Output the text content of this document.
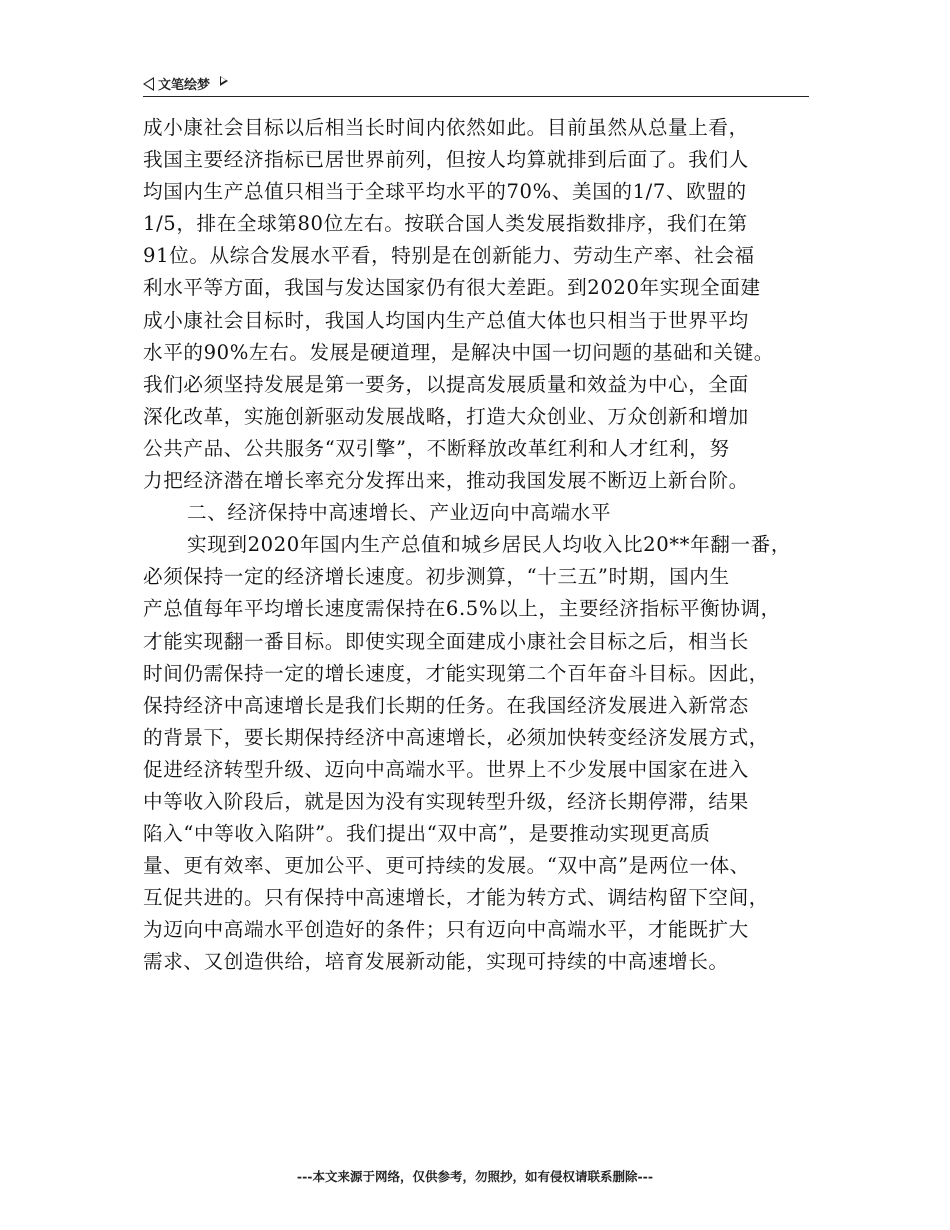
文笔绘梦
成小康社会目标以后相当长时间内依然如此。目前虽然从总量上看，
我国主要经济指标已居世界前列，但按人均算就排到后面了。我们人
均国内生产总值只相当于全球平均水平的70%、美国的1/7、欧盟的
1/5，排在全球第80位左右。按联合国人类发展指数排序，我们在第
91位。从综合发展水平看，特别是在创新能力、劳动生产率、社会福
利水平等方面，我国与发达国家仍有很大差距。到2020年实现全面建
成小康社会目标时，我国人均国内生产总值大体也只相当于世界平均
水平的90%左右。发展是硬道理，是解决中国一切问题的基础和关键。
我们必须坚持发展是第一要务，以提高发展质量和效益为中心，全面
深化改革，实施创新驱动发展战略，打造大众创业、万众创新和增加
公共产品、公共服务“双引擎”，不断释放改革红利和人才红利，努
力把经济潜在增长率充分发挥出来，推动我国发展不断迈上新台阶。
二、经济保持中高速增长、产业迈向中高端水平
实现到2020年国内生产总值和城乡居民人均收入比20**年翻一番，
必须保持一定的经济增长速度。初步测算，“十三五”时期，国内生
产总值每年平均增长速度需保持在6.5%以上，主要经济指标平衡协调，
才能实现翻一番目标。即使实现全面建成小康社会目标之后，相当长
时间仍需保持一定的增长速度，才能实现第二个百年奋斗目标。因此，
保持经济中高速增长是我们长期的任务。在我国经济发展进入新常态
的背景下，要长期保持经济中高速增长，必须加快转变经济发展方式，
促进经济转型升级、迈向中高端水平。世界上不少发展中国家在进入
中等收入阶段后，就是因为没有实现转型升级，经济长期停滞，结果
陷入“中等收入陷阱”。我们提出“双中高”，是要推动实现更高质
量、更有效率、更加公平、更可持续的发展。“双中高”是两位一体、
互促共进的。只有保持中高速增长，才能为转方式、调结构留下空间，
为迈向中高端水平创造好的条件；只有迈向中高端水平，才能既扩大
需求、又创造供给，培育发展新动能，实现可持续的中高速增长。
---本文来源于网络，仅供参考，勿照抄，如有侵权请联系删除---
